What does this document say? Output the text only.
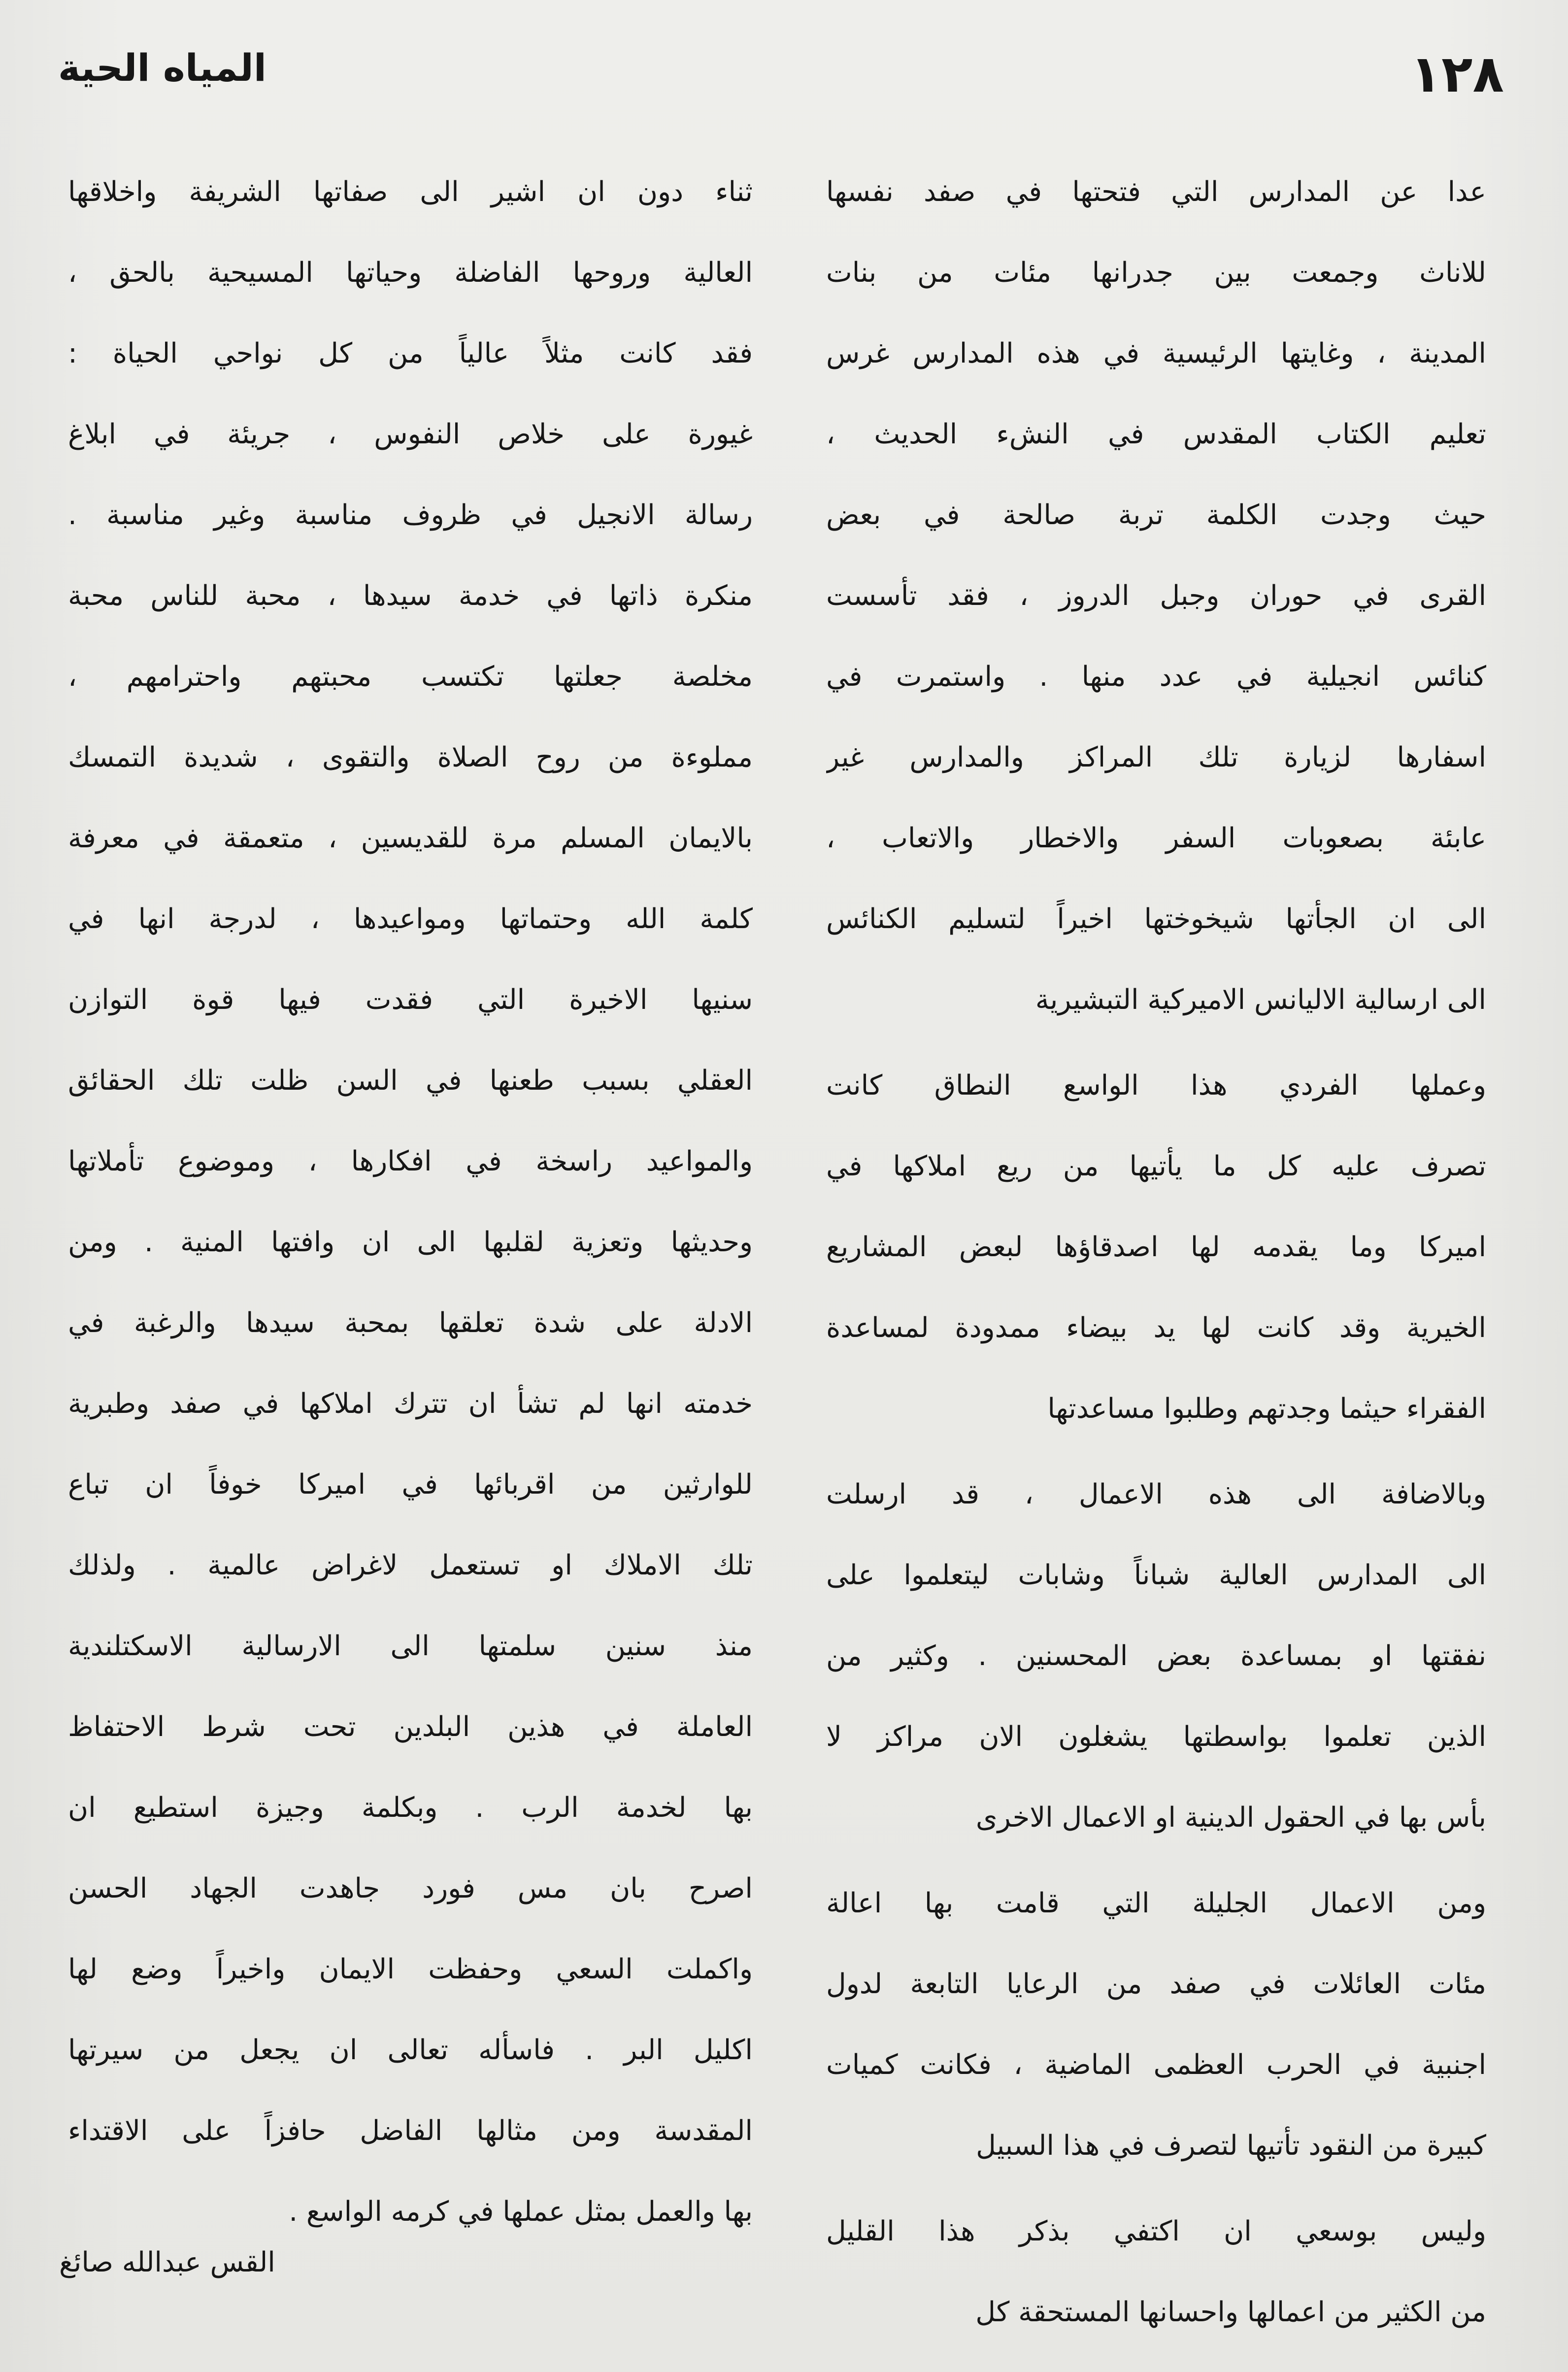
١٢٨
المياه الحية
عدا عن المدارس التي فتحتها في صفد نفسها
للاناث وجمعت بين جدرانها مئات من بنات
المدينة ، وغايتها الرئيسية في هذه المدارس غرس
تعليم الكتاب المقدس في النشء الحديث ،
حيث وجدت الكلمة تربة صالحة في بعض
القرى في حوران وجبل الدروز ، فقد تأسست
كنائس انجيلية في عدد منها . واستمرت في
اسفارها لزيارة تلك المراكز والمدارس غير
عابئة بصعوبات السفر والاخطار والاتعاب ،
الى ان الجأتها شيخوختها اخيراً لتسليم الكنائس
الى ارسالية الاليانس الاميركية التبشيرية
وعملها الفردي هذا الواسع النطاق كانت
تصرف عليه كل ما يأتيها من ريع املاكها في
اميركا وما يقدمه لها اصدقاؤها لبعض المشاريع
الخيرية وقد كانت لها يد بيضاء ممدودة لمساعدة
الفقراء حيثما وجدتهم وطلبوا مساعدتها
وبالاضافة الى هذه الاعمال ، قد ارسلت
الى المدارس العالية شباناً وشابات ليتعلموا على
نفقتها او بمساعدة بعض المحسنين . وكثير من
الذين تعلموا بواسطتها يشغلون الان مراكز لا
بأس بها في الحقول الدينية او الاعمال الاخرى
ومن الاعمال الجليلة التي قامت بها اعالة
مئات العائلات في صفد من الرعايا التابعة لدول
اجنبية في الحرب العظمى الماضية ، فكانت كميات
كبيرة من النقود تأتيها لتصرف في هذا السبيل
وليس بوسعي ان اكتفي بذكر هذا القليل
من الكثير من اعمالها واحسانها المستحقة كل
ثناء دون ان اشير الى صفاتها الشريفة واخلاقها
العالية وروحها الفاضلة وحياتها المسيحية بالحق ،
فقد كانت مثلاً عالياً من كل نواحي الحياة :
غيورة على خلاص النفوس ، جريئة في ابلاغ
رسالة الانجيل في ظروف مناسبة وغير مناسبة .
منكرة ذاتها في خدمة سيدها ، محبة للناس محبة
مخلصة جعلتها تكتسب محبتهم واحترامهم ،
مملوءة من روح الصلاة والتقوى ، شديدة التمسك
بالايمان المسلم مرة للقديسين ، متعمقة في معرفة
كلمة الله وحتماتها ومواعيدها ، لدرجة انها في
سنيها الاخيرة التي فقدت فيها قوة التوازن
العقلي بسبب طعنها في السن ظلت تلك الحقائق
والمواعيد راسخة في افكارها ، وموضوع تأملاتها
وحديثها وتعزية لقلبها الى ان وافتها المنية . ومن
الادلة على شدة تعلقها بمحبة سيدها والرغبة في
خدمته انها لم تشأ ان تترك املاكها في صفد وطبرية
للوارثين من اقربائها في اميركا خوفاً ان تباع
تلك الاملاك او تستعمل لاغراض عالمية . ولذلك
منذ سنين سلمتها الى الارسالية الاسكتلندية
العاملة في هذين البلدين تحت شرط الاحتفاظ
بها لخدمة الرب . وبكلمة وجيزة استطيع ان
اصرح بان مس فورد جاهدت الجهاد الحسن
واكملت السعي وحفظت الايمان واخيراً وضع لها
اكليل البر . فاسأله تعالى ان يجعل من سيرتها
المقدسة ومن مثالها الفاضل حافزاً على الاقتداء
بها والعمل بمثل عملها في كرمه الواسع .
القس عبدالله صائغ
